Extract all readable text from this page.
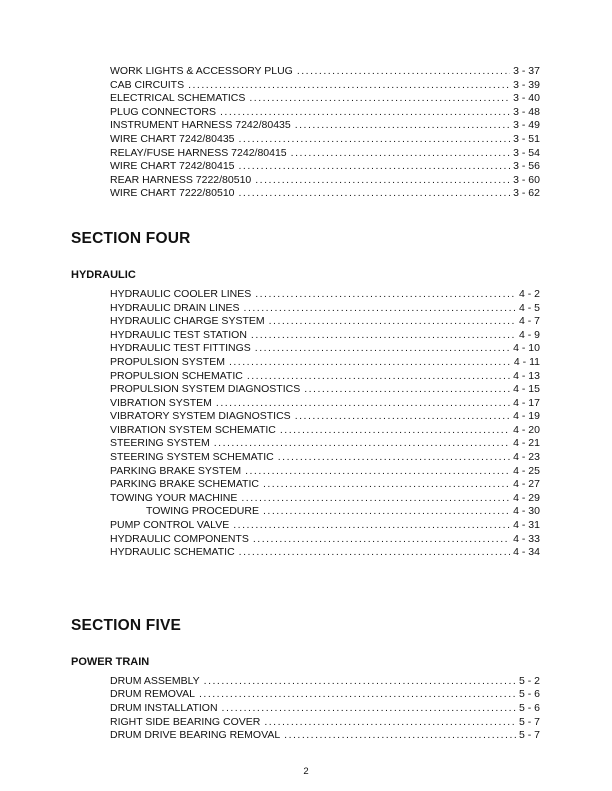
WORK LIGHTS & ACCESSORY PLUG .....	3 - 37
CAB CIRCUITS .....	3 - 39
ELECTRICAL SCHEMATICS .....	3 - 40
PLUG CONNECTORS .....	3 - 48
INSTRUMENT HARNESS 7242/80435 .....	3 - 49
WIRE CHART 7242/80435 .....	3 - 51
RELAY/FUSE HARNESS 7242/80415 .....	3 - 54
WIRE CHART 7242/80415 .....	3 - 56
REAR HARNESS 7222/80510 .....	3 - 60
WIRE CHART 7222/80510 .....	3 - 62
SECTION FOUR
HYDRAULIC
HYDRAULIC COOLER LINES .....	4 - 2
HYDRAULIC DRAIN LINES .....	4 - 5
HYDRAULIC CHARGE SYSTEM .....	4 - 7
HYDRAULIC TEST STATION .....	4 - 9
HYDRAULIC TEST FITTINGS .....	4 - 10
PROPULSION SYSTEM .....	4 - 11
PROPULSION SCHEMATIC .....	4 - 13
PROPULSION SYSTEM DIAGNOSTICS .....	4 - 15
VIBRATION SYSTEM .....	4 - 17
VIBRATORY SYSTEM DIAGNOSTICS .....	4 - 19
VIBRATION SYSTEM SCHEMATIC .....	4 - 20
STEERING SYSTEM .....	4 - 21
STEERING SYSTEM SCHEMATIC .....	4 - 23
PARKING BRAKE SYSTEM .....	4 - 25
PARKING BRAKE SCHEMATIC .....	4 - 27
TOWING YOUR MACHINE .....	4 - 29
TOWING PROCEDURE .....	4 - 30
PUMP CONTROL VALVE .....	4 - 31
HYDRAULIC COMPONENTS .....	4 - 33
HYDRAULIC SCHEMATIC .....	4 - 34
SECTION FIVE
POWER TRAIN
DRUM ASSEMBLY .....	5 - 2
DRUM REMOVAL .....	5 - 6
DRUM INSTALLATION .....	5 - 6
RIGHT SIDE BEARING COVER .....	5 - 7
DRUM DRIVE BEARING REMOVAL .....	5 - 7
2
